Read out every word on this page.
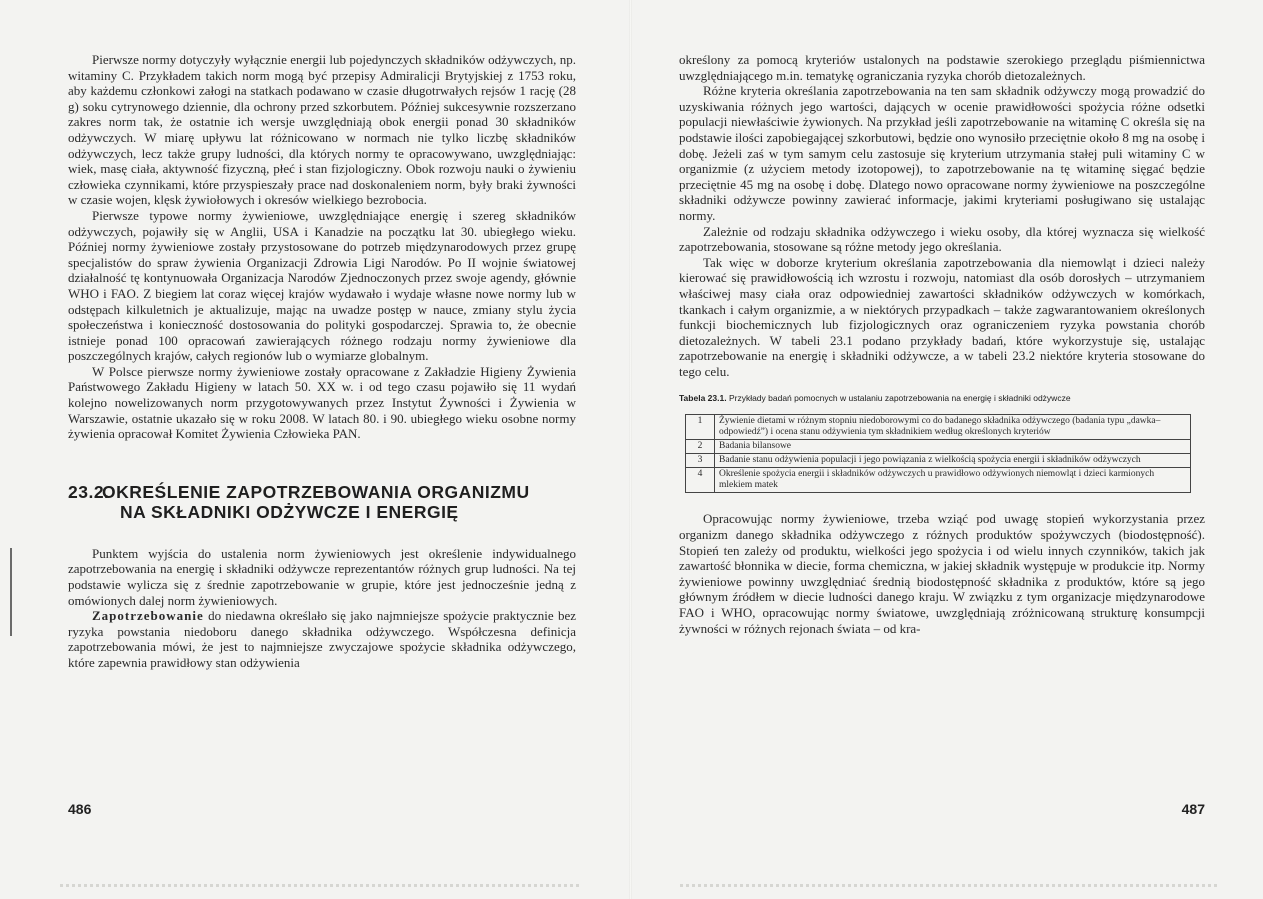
Pierwsze normy dotyczyły wyłącznie energii lub pojedynczych składników odżywczych, np. witaminy C. Przykładem takich norm mogą być przepisy Admiralicji Brytyjskiej z 1753 roku, aby każdemu członkowi załogi na statkach podawano w czasie długotrwałych rejsów 1 rację (28 g) soku cytrynowego dziennie, dla ochrony przed szkorbutem. Później sukcesywnie rozszerzano zakres norm tak, że ostatnie ich wersje uwzględniają obok energii ponad 30 składników odżywczych. W miarę upływu lat różnicowano w normach nie tylko liczbę składników odżywczych, lecz także grupy ludności, dla których normy te opracowywano, uwzględniając: wiek, masę ciała, aktywność fizyczną, płeć i stan fizjologiczny. Obok rozwoju nauki o żywieniu człowieka czynnikami, które przyspieszały prace nad doskonaleniem norm, były braki żywności w czasie wojen, klęsk żywiołowych i okresów wielkiego bezrobocia.

Pierwsze typowe normy żywieniowe, uwzględniające energię i szereg składników odżywczych, pojawiły się w Anglii, USA i Kanadzie na początku lat 30. ubiegłego wieku. Później normy żywieniowe zostały przystosowane do potrzeb międzynarodowych przez grupę specjalistów do spraw żywienia Organizacji Zdrowia Ligi Narodów. Po II wojnie światowej działalność tę kontynuowała Organizacja Narodów Zjednoczonych przez swoje agendy, głównie WHO i FAO. Z biegiem lat coraz więcej krajów wydawało i wydaje własne nowe normy lub w odstępach kilkuletnich je aktualizuje, mając na uwadze postęp w nauce, zmiany stylu życia społeczeństwa i konieczność dostosowania do polityki gospodarczej. Sprawia to, że obecnie istnieje ponad 100 opracowań zawierających różnego rodzaju normy żywieniowe dla poszczególnych krajów, całych regionów lub o wymiarze globalnym.

W Polsce pierwsze normy żywieniowe zostały opracowane z Zakładzie Higieny Żywienia Państwowego Zakładu Higieny w latach 50. XX w. i od tego czasu pojawiło się 11 wydań kolejno nowelizowanych norm przygotowywanych przez Instytut Żywności i Żywienia w Warszawie, ostatnie ukazało się w roku 2008. W latach 80. i 90. ubiegłego wieku osobne normy żywienia opracował Komitet Żywienia Człowieka PAN.

23.2.OKREŚLENIE ZAPOTRZEBOWANIA ORGANIZMU
NA SKŁADNIKI ODŻYWCZE I ENERGIĘ

Punktem wyjścia do ustalenia norm żywieniowych jest określenie indywidualnego zapotrzebowania na energię i składniki odżywcze reprezentantów różnych grup ludności. Na tej podstawie wylicza się z średnie zapotrzebowanie w grupie, które jest jednocześnie jedną z omówionych dalej norm żywieniowych.

Zapotrzebowanie do niedawna określało się jako najmniejsze spożycie praktycznie bez ryzyka powstania niedoboru danego składnika odżywczego. Współczesna definicja zapotrzebowania mówi, że jest to najmniejsze zwyczajowe spożycie składnika odżywczego, które zapewnia prawidłowy stan odżywienia

486

określony za pomocą kryteriów ustalonych na podstawie szerokiego przeglądu piśmiennictwa uwzględniającego m.in. tematykę ograniczania ryzyka chorób dietozależnych.

Różne kryteria określania zapotrzebowania na ten sam składnik odżywczy mogą prowadzić do uzyskiwania różnych jego wartości, dających w ocenie prawidłowości spożycia różne odsetki populacji niewłaściwie żywionych. Na przykład jeśli zapotrzebowanie na witaminę C określa się na podstawie ilości zapobiegającej szkorbutowi, będzie ono wynosiło przeciętnie około 8 mg na osobę i dobę. Jeżeli zaś w tym samym celu zastosuje się kryterium utrzymania stałej puli witaminy C w organizmie (z użyciem metody izotopowej), to zapotrzebowanie na tę witaminę sięgać będzie przeciętnie 45 mg na osobę i dobę. Dlatego nowo opracowane normy żywieniowe na poszczególne składniki odżywcze powinny zawierać informacje, jakimi kryteriami posługiwano się ustalając normy.

Zależnie od rodzaju składnika odżywczego i wieku osoby, dla której wyznacza się wielkość zapotrzebowania, stosowane są różne metody jego określania.

Tak więc w doborze kryterium określania zapotrzebowania dla niemowląt i dzieci należy kierować się prawidłowością ich wzrostu i rozwoju, natomiast dla osób dorosłych – utrzymaniem właściwej masy ciała oraz odpowiedniej zawartości składników odżywczych w komórkach, tkankach i całym organizmie, a w niektórych przypadkach – także zagwarantowaniem określonych funkcji biochemicznych lub fizjologicznych oraz ograniczeniem ryzyka powstania chorób dietozależnych. W tabeli 23.1 podano przykłady badań, które wykorzystuje się, ustalając zapotrzebowanie na energię i składniki odżywcze, a w tabeli 23.2 niektóre kryteria stosowane do tego celu.

Tabela 23.1. Przykłady badań pomocnych w ustalaniu zapotrzebowania na energię i składniki odżywcze
1	Żywienie dietami w różnym stopniu niedoborowymi co do badanego składnika odżywczego (badania typu „dawka–odpowiedź”) i ocena stanu odżywienia tym składnikiem według określonych kryteriów
2	Badania bilansowe
3	Badanie stanu odżywienia populacji i jego powiązania z wielkością spożycia energii i składników odżywczych
4	Określenie spożycia energii i składników odżywczych u prawidłowo odżywionych niemowląt i dzieci karmionych mlekiem matek

Opracowując normy żywieniowe, trzeba wziąć pod uwagę stopień wykorzystania przez organizm danego składnika odżywczego z różnych produktów spożywczych (biodostępność). Stopień ten zależy od produktu, wielkości jego spożycia i od wielu innych czynników, takich jak zawartość błonnika w diecie, forma chemiczna, w jakiej składnik występuje w produkcie itp. Normy żywieniowe powinny uwzględniać średnią biodostępność składnika z produktów, które są jego głównym źródłem w diecie ludności danego kraju. W związku z tym organizacje międzynarodowe FAO i WHO, opracowując normy światowe, uwzględniają zróżnicowaną strukturę konsumpcji żywności w różnych rejonach świata – od kra-

487
